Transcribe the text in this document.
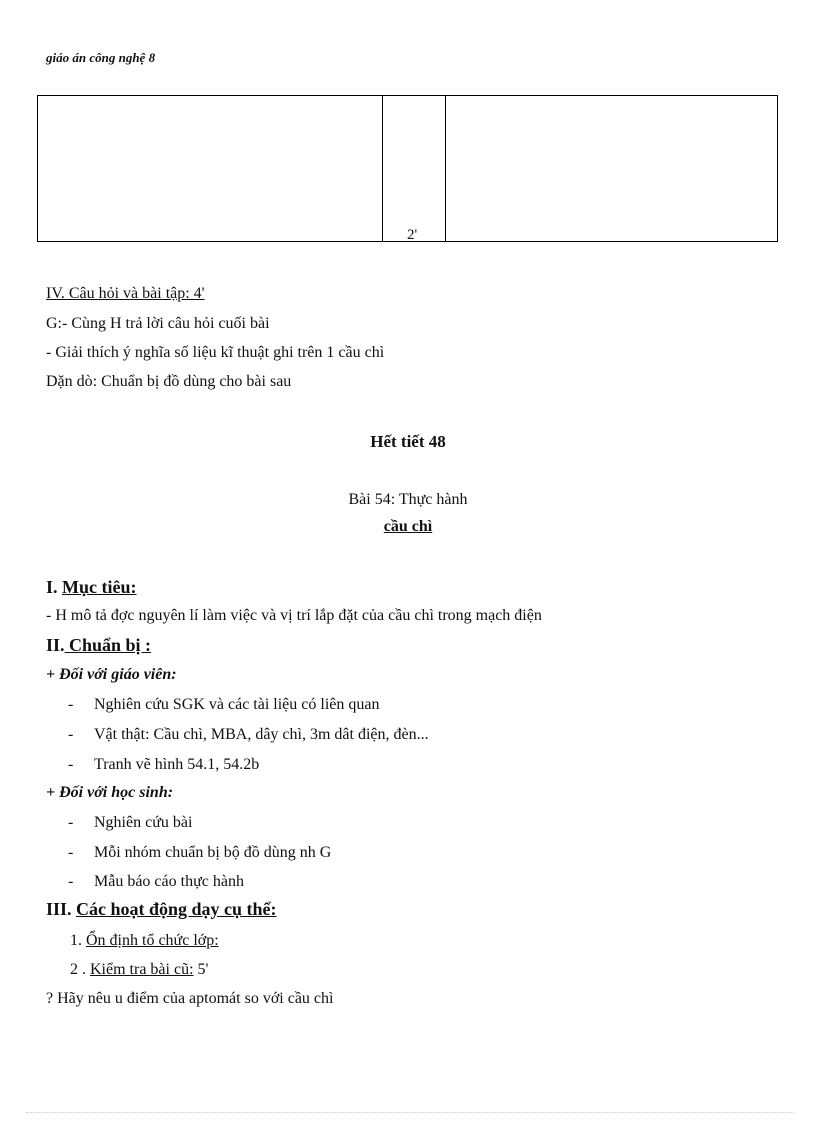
giáo án công nghệ 8
2'
IV. Câu hỏi và bài tập: 4'
G:- Cùng H trả lời câu hỏi cuối bài
- Giải thích ý nghĩa số liệu kĩ thuật ghi trên 1 cầu chì
Dặn dò: Chuẩn bị đồ dùng cho bài sau
Hết tiết 48
Bài 54: Thực hành
cầu chì
I. Mục tiêu:
- H mô tả đợc nguyên lí làm việc và vị trí lắp đặt của cầu chì trong mạch điện
II. Chuẩn bị :
+ Đối với giáo viên:
- Nghiên cứu SGK và các tài liệu có liên quan
- Vật thật: Cầu chì, MBA, dây chì, 3m dât điện, đèn...
- Tranh vẽ hình 54.1, 54.2b
+ Đối với học sinh:
- Nghiên cứu bài
- Mỗi nhóm chuẩn bị bộ đồ dùng nh G
- Mẫu báo cáo thực hành
III. Các hoạt động dạy cụ thể:
1. Ổn định tổ chức lớp:
2 . Kiểm tra bài cũ: 5'
? Hãy nêu u điểm của aptomát so với cầu chì
